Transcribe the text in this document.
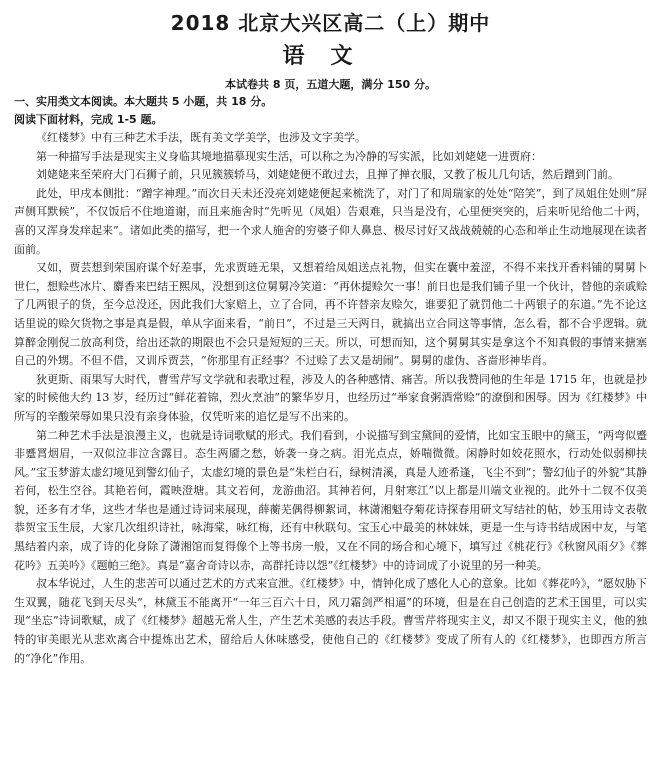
2018 北京大兴区高二（上）期中
语文

本试卷共 8 页，五道大题，满分 150 分。

一、实用类文本阅读。本大题共 5 小题，共 18 分。

阅读下面材料，完成 1-5 题。

《红楼梦》中有三种艺术手法，既有美文学美学，也涉及文字美学。

第一种描写手法是现实主义身临其境地描摹现实生活，可以称之为冷静的写实派，比如刘姥姥一进贾府：

刘姥姥来至荣府大门石狮子前，只见簇簇轿马，刘姥姥便不敢过去，且掸了掸衣服，又教了板儿几句话，然后蹭到门前。

此处，甲戌本侧批：“蹭字神理。”而次日天未还没亮刘姥姥便起来梳洗了，对门了和周瑞家的处处“陪笑”，到了凤姐住处则“屏声侧耳默候”，不仅饭后不住地道谢，而且来施舍时“先听见（凤姐）告艰难，只当是没有，心里便突突的，后来听见给他二十两，喜的又浑身发痒起来”。诸如此类的描写，把一个求人施舍的穷婆子仰人鼻息、极尽讨好又战战兢兢的心态和举止生动地展现在读者面前。

又如，贾芸想到荣国府谋个好差事，先求贾琏无果，又想着给凤姐送点礼物，但实在囊中羞涩，不得不来找开香料铺的舅舅卜世仁，想赊些冰片、麝香来巴结王熙凤，没想到这位舅舅冷笑道：“再休提赊欠一事！前日也是我们铺子里一个伙计，替他的亲戚赊了几两银子的货，至今总没还，因此我们大家赔上，立了合同，再不许替亲友赊欠，谁要犯了就罚他二十两银子的东道。”先不论这话里说的赊欠货物之事是真是假，单从字面来看，“前日”，不过是三天两日，就搞出立合同这等事情，怎么看，都不合乎逻辑。就算醉金刚倪二放高利贷，给出还款的期限也不会只是短短的三天。所以，可想而知，这个舅舅其实是拿这个不知真假的事情来搪塞自己的外甥。不但不借，又训斥贾芸，“你那里有正经事？不过赊了去又是胡闹”。舅舅的虚伪、吝啬形神毕肖。

狄更斯、雨果写大时代，曹雪芹写文学就和表歌过程，涉及人的各种感情、痛苦。所以我赞同他的生年是 1715 年，也就是抄家的时候他大约 13 岁，经历过“鲜花着锦，烈火烹油”的繁华岁月，也经历过“举家食粥酒常赊”的潦倒和困辱。因为《红楼梦》中所写的辛酸荣辱如果只没有亲身体验，仅凭听来的追忆是写不出来的。

第二种艺术手法是浪漫主义，也就是诗词歌赋的形式。我们看到，小说描写到宝黛间的爱情，比如宝玉眼中的黛玉，“两弯似蹙非蹙罥烟眉，一双似泣非泣含露目。态生两靥之愁，娇袭一身之病。泪光点点，娇喘微微。闲静时如姣花照水，行动处似弱柳扶风。”宝玉梦游太虚幻境见到警幻仙子，太虚幻境的景色是“朱栏白石，绿树清溪，真是人迹希逢，飞尘不到”；警幻仙子的外貌“其静若何，松生空谷。其艳若何，霞映澄塘。其文若何，龙游曲沼。其神若何，月射寒江”以上都是川端文业视的。此外十二钗不仅美貌，还多有才华，这些才华也是通过诗词来展现，薛蘅芜偶得柳絮词，林潇湘魁夺菊花诗探春用研文写结社的帖，妙玉用诗文表敬恭贺宝玉生辰，大家几次组织诗社，咏海棠，咏红梅，还有中秋联句。宝玉心中最美的林妹妹，更是一生与诗书结成困中友，与笔黑结着内亲，成了诗的化身除了潇湘馆而复得像个上等书房一般，又在不同的场合和心境下，填写过《桃花行》《秋窗风雨夕》《葬花吟》五美吟》《题帕三绝》。真是“嘉舍奇诗以赤，高群托诗以怨”《红楼梦》中的诗词成了小说里的另一种美。

叔本华说过，人生的悲苦可以通过艺术的方式来宣泄。《红楼梦》中，情钟化成了感化人心的意象。比如《葬花吟》，“愿奴胁下生双翼，随花飞到天尽头”，林黛玉不能离开“一年三百六十日，风刀霜剑严相逼”的环境，但是在自己创造的艺术王国里，可以实现“坐忘”诗词歌赋，成了《红楼梦》超越无常人生，产生艺术美感的表达手段。曹雪芹将现实主义，却又不限于现实主义，他的独特的审美眼光从悲欢离合中提炼出艺术，留给后人休味感受，使他自己的《红楼梦》变成了所有人的《红楼梦》，也即西方所言的“净化”作用。
